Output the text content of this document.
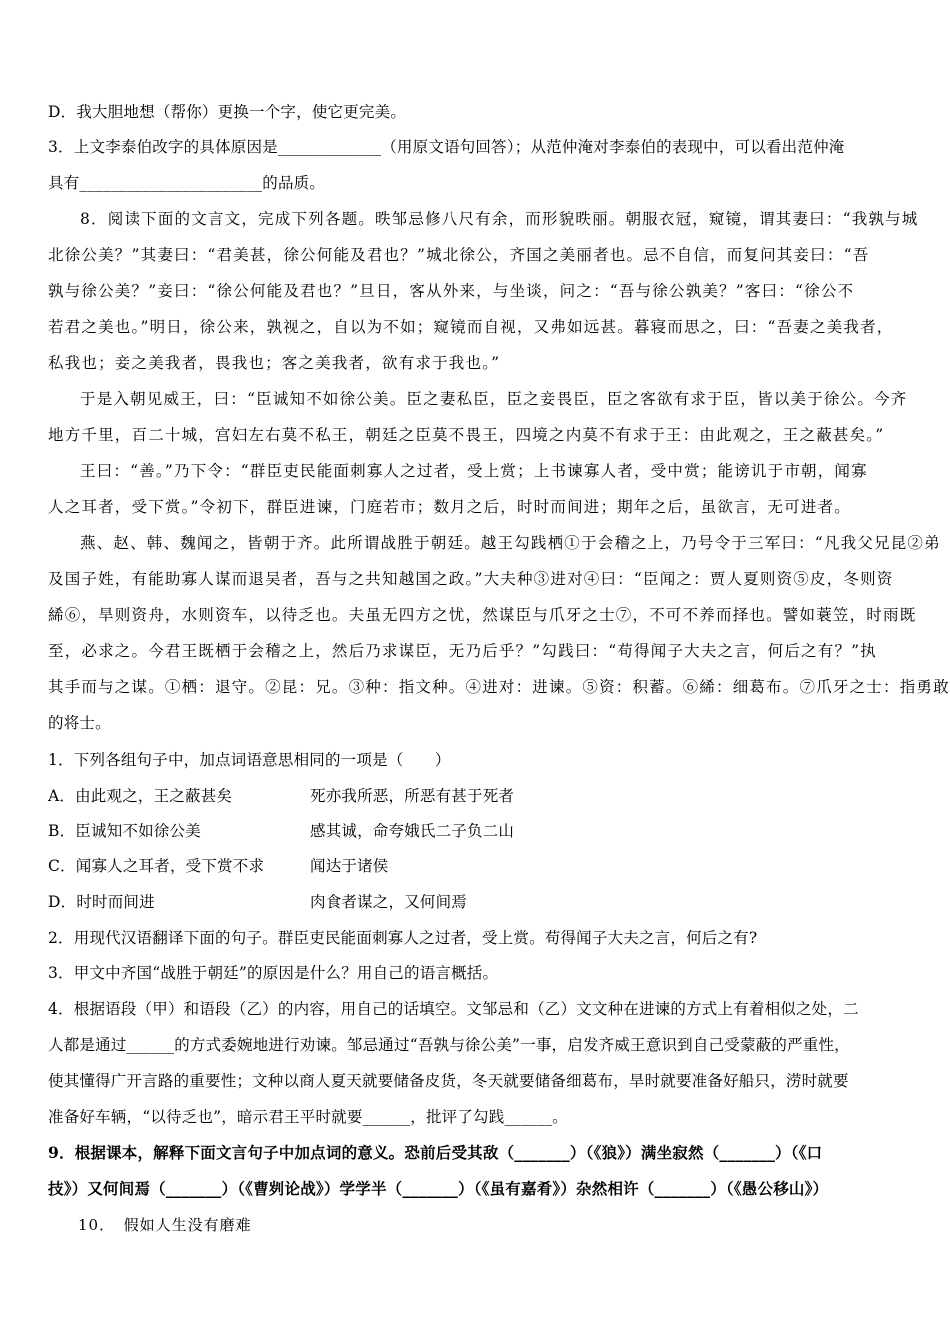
D．我大胆地想（帮你）更换一个字，使它更完美。
3．上文李泰伯改字的具体原因是_____________（用原文语句回答）；从范仲淹对李泰伯的表现中，可以看出范仲淹
具有_______________________的品质。
8．阅读下面的文言文，完成下列各题。昳邹忌修八尺有余，而形貌昳丽。朝服衣冠，窥镜，谓其妻曰：“我孰与城
北徐公美？”其妻曰：“君美甚，徐公何能及君也？”城北徐公，齐国之美丽者也。忌不自信，而复问其妾曰：“吾
孰与徐公美？”妾曰：“徐公何能及君也？”旦日，客从外来，与坐谈，问之：“吾与徐公孰美？”客曰：“徐公不
若君之美也。”明日，徐公来，孰视之，自以为不如；窥镜而自视，又弗如远甚。暮寝而思之，曰：“吾妻之美我者，
私我也；妾之美我者，畏我也；客之美我者，欲有求于我也。”
于是入朝见威王，曰：“臣诚知不如徐公美。臣之妻私臣，臣之妾畏臣，臣之客欲有求于臣，皆以美于徐公。今齐
地方千里，百二十城，宫妇左右莫不私王，朝廷之臣莫不畏王，四境之内莫不有求于王：由此观之，王之蔽甚矣。”
王曰：“善。”乃下令：“群臣吏民能面刺寡人之过者，受上赏；上书谏寡人者，受中赏；能谤讥于市朝，闻寡
人之耳者，受下赏。”令初下，群臣进谏，门庭若市；数月之后，时时而间进；期年之后，虽欲言，无可进者。
燕、赵、韩、魏闻之，皆朝于齐。此所谓战胜于朝廷。越王勾践栖①于会稽之上，乃号令于三军曰：“凡我父兄昆②弟
及国子姓，有能助寡人谋而退吴者，吾与之共知越国之政。”大夫种③进对④曰：“臣闻之：贾人夏则资⑤皮，冬则资
絺⑥，旱则资舟，水则资车，以待乏也。夫虽无四方之忧，然谋臣与爪牙之士⑦，不可不养而择也。譬如蓑笠，时雨既
至，必求之。今君王既栖于会稽之上，然后乃求谋臣，无乃后乎？”勾践曰：“苟得闻子大夫之言，何后之有？”执
其手而与之谋。①栖：退守。②昆：兄。③种：指文种。④进对：进谏。⑤资：积蓄。⑥絺：细葛布。⑦爪牙之士：指勇敢
的将士。
1．下列各组句子中，加点词语意思相同的一项是（　　）
A．由此观之，王之蔽甚矣	死亦我所恶，所恶有甚于死者
B．臣诚知不如徐公美	感其诚，命夸娥氏二子负二山
C．闻寡人之耳者，受下赏不求	闻达于诸侯
D．时时而间进	肉食者谋之，又何间焉
2．用现代汉语翻译下面的句子。群臣吏民能面刺寡人之过者，受上赏。苟得闻子大夫之言，何后之有?
3．甲文中齐国“战胜于朝廷”的原因是什么？用自己的语言概括。
4．根据语段（甲）和语段（乙）的内容，用自己的话填空。文邹忌和（乙）文文种在进谏的方式上有着相似之处，二
人都是通过______的方式委婉地进行劝谏。邹忌通过“吾孰与徐公美”一事，启发齐威王意识到自己受蒙蔽的严重性，
使其懂得广开言路的重要性；文种以商人夏天就要储备皮货，冬天就要储备细葛布，旱时就要准备好船只，涝时就要
准备好车辆，“以待乏也”，暗示君王平时就要______，批评了勾践______。
9．根据课本，解释下面文言句子中加点词的意义。恐前后受其敌（_______）（《狼》）满坐寂然（_______）（《口
技》）又何间焉（_______）（《曹刿论战》）学学半（_______）（《虽有嘉肴》）杂然相许（_______）（《愚公移山》）
10．　假如人生没有磨难
